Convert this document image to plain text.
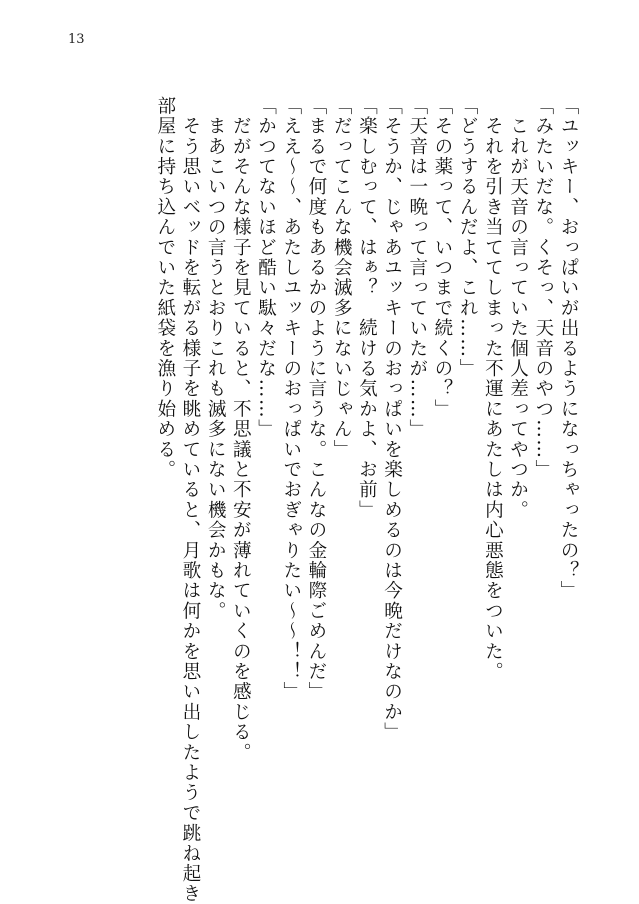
13
「ユッキー、おっぱいが出るようになっちゃったの？」
「みたいだな。くそっ、天音のやつ……」
　これが天音の言っていた個人差ってやつか。
　それを引き当ててしまった不運にあたしは内心悪態をついた。
「どうするんだよ、これ……」
「その薬って、いつまで続くの？」
「天音は一晩って言っていたが……」
「そうか、じゃあユッキーのおっぱいを楽しめるのは今晩だけなのか」
「楽しむって、はぁ？　続ける気かよ、お前」
「だってこんな機会滅多にないじゃん」
「まるで何度もあるかのように言うな。こんなの金輪際ごめんだ」
「ええ～～、あたしユッキーのおっぱいでおぎゃりたい～～！！」
「かつてないほど酷い駄々だな……」
　だがそんな様子を見ていると、不思議と不安が薄れていくのを感じる。
　まあこいつの言うとおりこれも滅多にない機会かもな。
　そう思いベッドを転がる様子を眺めていると、月歌は何かを思い出したようで跳ね起き
部屋に持ち込んでいた紙袋を漁り始める。
